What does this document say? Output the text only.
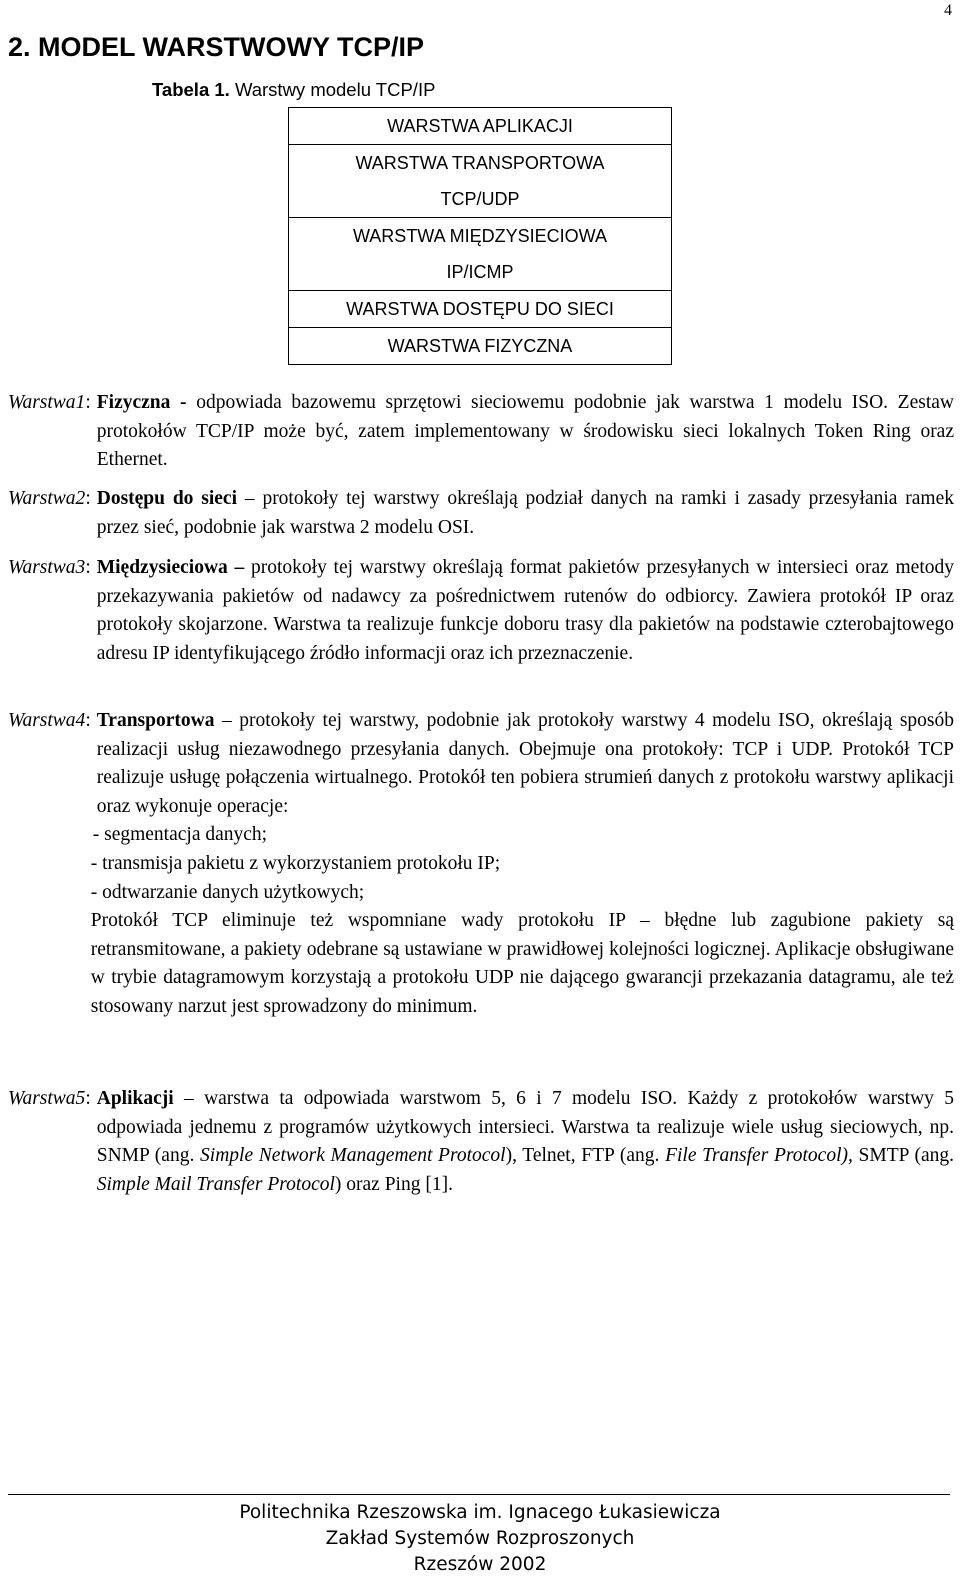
4
2. MODEL WARSTWOWY TCP/IP
Tabela 1. Warstwy modelu TCP/IP
WARSTWA APLIKACJI

WARSTWA TRANSPORTOWA
TCP/UDP

WARSTWA MIĘDZYSIECIOWA
IP/ICMP

WARSTWA DOSTĘPU DO SIECI

WARSTWA FIZYCZNA
Warstwa1: Fizyczna - odpowiada bazowemu sprzętowi sieciowemu podobnie jak warstwa 1 modelu ISO. Zestaw protokołów TCP/IP może być, zatem implementowany w środowisku sieci lokalnych Token Ring oraz Ethernet.
Warstwa2: Dostępu do sieci – protokoły tej warstwy określają podział danych na ramki i zasady przesyłania ramek przez sieć, podobnie jak warstwa 2 modelu OSI.
Warstwa3: Międzysieciowa – protokoły tej warstwy określają format pakietów przesyłanych w intersieci oraz metody przekazywania pakietów od nadawcy za pośrednictwem rutenów do odbiorcy. Zawiera protokół IP oraz protokoły skojarzone. Warstwa ta realizuje funkcje doboru trasy dla pakietów na podstawie czterobajtowego adresu IP identyfikującego źródło informacji oraz ich przeznaczenie.
Warstwa4: Transportowa – protokoły tej warstwy, podobnie jak protokoły warstwy 4 modelu ISO, określają sposób realizacji usług niezawodnego przesyłania danych. Obejmuje ona protokoły: TCP i UDP. Protokół TCP realizuje usługę połączenia wirtualnego. Protokół ten pobiera strumień danych z protokołu warstwy aplikacji oraz wykonuje operacje:

- segmentacja danych;
- transmisja pakietu z wykorzystaniem protokołu IP;
- odtwarzanie danych użytkowych;

Protokół TCP eliminuje też wspomniane wady protokołu IP – błędne lub zagubione pakiety są retransmitowane, a pakiety odebrane są ustawiane w prawidłowej kolejności logicznej. Aplikacje obsługiwane w trybie datagramowym korzystają a protokołu UDP nie dającego gwarancji przekazania datagramu, ale też stosowany narzut jest sprowadzony do minimum.

Warstwa5: Aplikacji – warstwa ta odpowiada warstwom 5, 6 i 7 modelu ISO. Każdy z protokołów warstwy 5 odpowiada jednemu z programów użytkowych intersieci. Warstwa ta realizuje wiele usług sieciowych, np. SNMP (ang. Simple Network Management Protocol), Telnet, FTP (ang. File Transfer Protocol), SMTP (ang. Simple Mail Transfer Protocol) oraz Ping [1].
Politechnika Rzeszowska im. Ignacego Łukasiewicza
Zakład Systemów Rozproszonych
Rzeszów 2002
